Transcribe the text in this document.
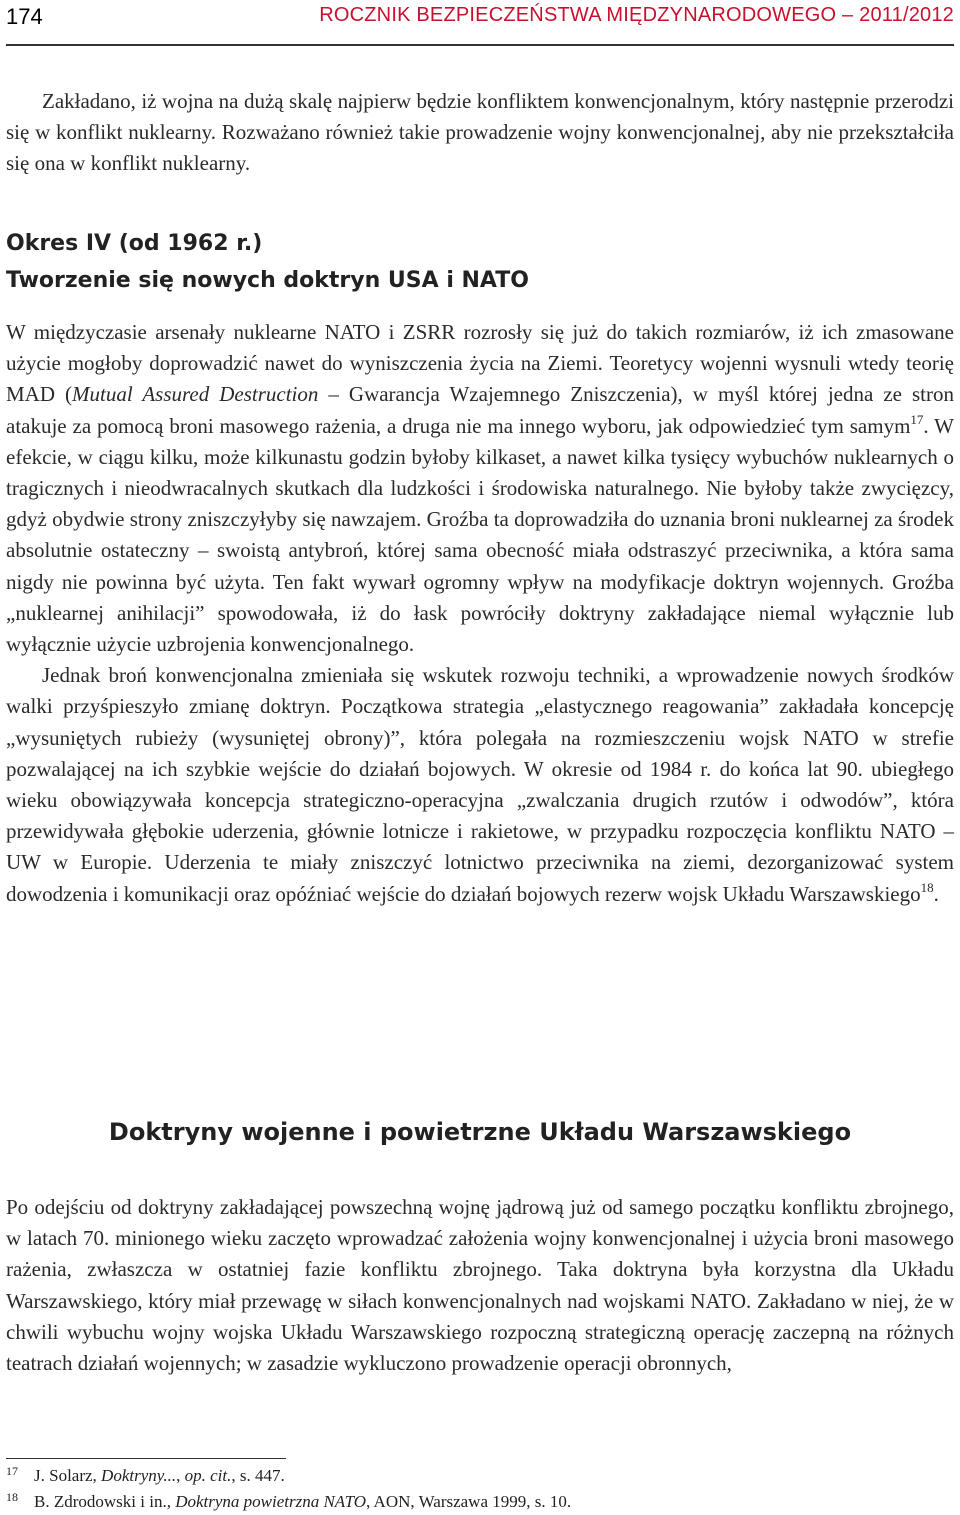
174	ROCZNIK BEZPIECZEŃSTWA MIĘDZYNARODOWEGO – 2011/2012

Zakładano, iż wojna na dużą skalę najpierw będzie konfliktem konwencjonalnym, który następnie przerodzi się w konflikt nuklearny. Rozważano również takie prowadzenie wojny konwencjonalnej, aby nie przekształciła się ona w konflikt nuklearny.

Okres IV (od 1962 r.)
Tworzenie się nowych doktryn USA i NATO

W międzyczasie arsenały nuklearne NATO i ZSRR rozrosły się już do takich rozmiarów, iż ich zmasowane użycie mogłoby doprowadzić nawet do wyniszczenia życia na Ziemi. Teoretycy wojenni wysnuli wtedy teorię MAD (Mutual Assured Destruction – Gwarancja Wzajemnego Zniszczenia), w myśl której jedna ze stron atakuje za pomocą broni masowego rażenia, a druga nie ma innego wyboru, jak odpowiedzieć tym samym$^{17}$. W efekcie, w ciągu kilku, może kilkunastu godzin byłoby kilkaset, a nawet kilka tysięcy wybuchów nuklearnych o tragicznych i nieodwracalnych skutkach dla ludzkości i środowiska naturalnego. Nie byłoby także zwycięzcy, gdyż obydwie strony zniszczyłyby się nawzajem. Groźba ta doprowadziła do uznania broni nuklearnej za środek absolutnie ostateczny – swoistą antybroń, której sama obecność miała odstraszyć przeciwnika, a która sama nigdy nie powinna być użyta. Ten fakt wywarł ogromny wpływ na modyfikacje doktryn wojennych. Groźba „nuklearnej anihilacji” spowodowała, iż do łask powróciły doktryny zakładające niemal wyłącznie lub wyłącznie użycie uzbrojenia konwencjonalnego.

Jednak broń konwencjonalna zmieniała się wskutek rozwoju techniki, a wprowadzenie nowych środków walki przyśpieszyło zmianę doktryn. Początkowa strategia „elastycznego reagowania” zakładała koncepcję „wysuniętych rubieży (wysuniętej obrony)”, która polegała na rozmieszczeniu wojsk NATO w strefie pozwalającej na ich szybkie wejście do działań bojowych. W okresie od 1984 r. do końca lat 90. ubiegłego wieku obowiązywała koncepcja strategiczno-operacyjna „zwalczania drugich rzutów i odwodów”, która przewidywała głębokie uderzenia, głównie lotnicze i rakietowe, w przypadku rozpoczęcia konfliktu NATO – UW w Europie. Uderzenia te miały zniszczyć lotnictwo przeciwnika na ziemi, dezorganizować system dowodzenia i komunikacji oraz opóźniać wejście do działań bojowych rezerw wojsk Układu Warszawskiego$^{18}$.

Doktryny wojenne i powietrzne Układu Warszawskiego

Po odejściu od doktryny zakładającej powszechną wojnę jądrową już od samego początku konfliktu zbrojnego, w latach 70. minionego wieku zaczęto wprowadzać założenia wojny konwencjonalnej i użycia broni masowego rażenia, zwłaszcza w ostatniej fazie konfliktu zbrojnego. Taka doktryna była korzystna dla Układu Warszawskiego, który miał przewagę w siłach konwencjonalnych nad wojskami NATO. Zakładano w niej, że w chwili wybuchu wojny wojska Układu Warszawskiego rozpoczną strategiczną operację zaczepną na różnych teatrach działań wojennych; w zasadzie wykluczono prowadzenie operacji obronnych,

17 J. Solarz, Doktryny..., op. cit., s. 447.
18 B. Zdrodowski i in., Doktryna powietrzna NATO, AON, Warszawa 1999, s. 10.
